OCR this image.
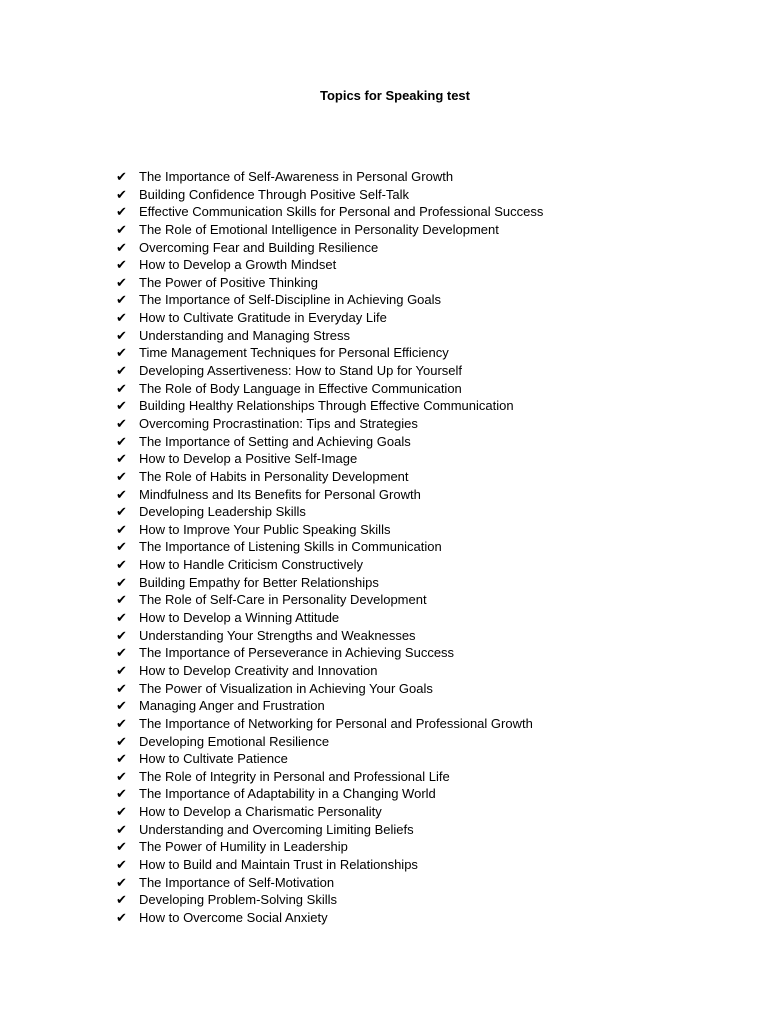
Topics for Speaking test
✔ The Importance of Self-Awareness in Personal Growth
✔ Building Confidence Through Positive Self-Talk
✔ Effective Communication Skills for Personal and Professional Success
✔ The Role of Emotional Intelligence in Personality Development
✔ Overcoming Fear and Building Resilience
✔ How to Develop a Growth Mindset
✔ The Power of Positive Thinking
✔ The Importance of Self-Discipline in Achieving Goals
✔ How to Cultivate Gratitude in Everyday Life
✔ Understanding and Managing Stress
✔ Time Management Techniques for Personal Efficiency
✔ Developing Assertiveness: How to Stand Up for Yourself
✔ The Role of Body Language in Effective Communication
✔ Building Healthy Relationships Through Effective Communication
✔ Overcoming Procrastination: Tips and Strategies
✔ The Importance of Setting and Achieving Goals
✔ How to Develop a Positive Self-Image
✔ The Role of Habits in Personality Development
✔ Mindfulness and Its Benefits for Personal Growth
✔ Developing Leadership Skills
✔ How to Improve Your Public Speaking Skills
✔ The Importance of Listening Skills in Communication
✔ How to Handle Criticism Constructively
✔ Building Empathy for Better Relationships
✔ The Role of Self-Care in Personality Development
✔ How to Develop a Winning Attitude
✔ Understanding Your Strengths and Weaknesses
✔ The Importance of Perseverance in Achieving Success
✔ How to Develop Creativity and Innovation
✔ The Power of Visualization in Achieving Your Goals
✔ Managing Anger and Frustration
✔ The Importance of Networking for Personal and Professional Growth
✔ Developing Emotional Resilience
✔ How to Cultivate Patience
✔ The Role of Integrity in Personal and Professional Life
✔ The Importance of Adaptability in a Changing World
✔ How to Develop a Charismatic Personality
✔ Understanding and Overcoming Limiting Beliefs
✔ The Power of Humility in Leadership
✔ How to Build and Maintain Trust in Relationships
✔ The Importance of Self-Motivation
✔ Developing Problem-Solving Skills
✔ How to Overcome Social Anxiety
